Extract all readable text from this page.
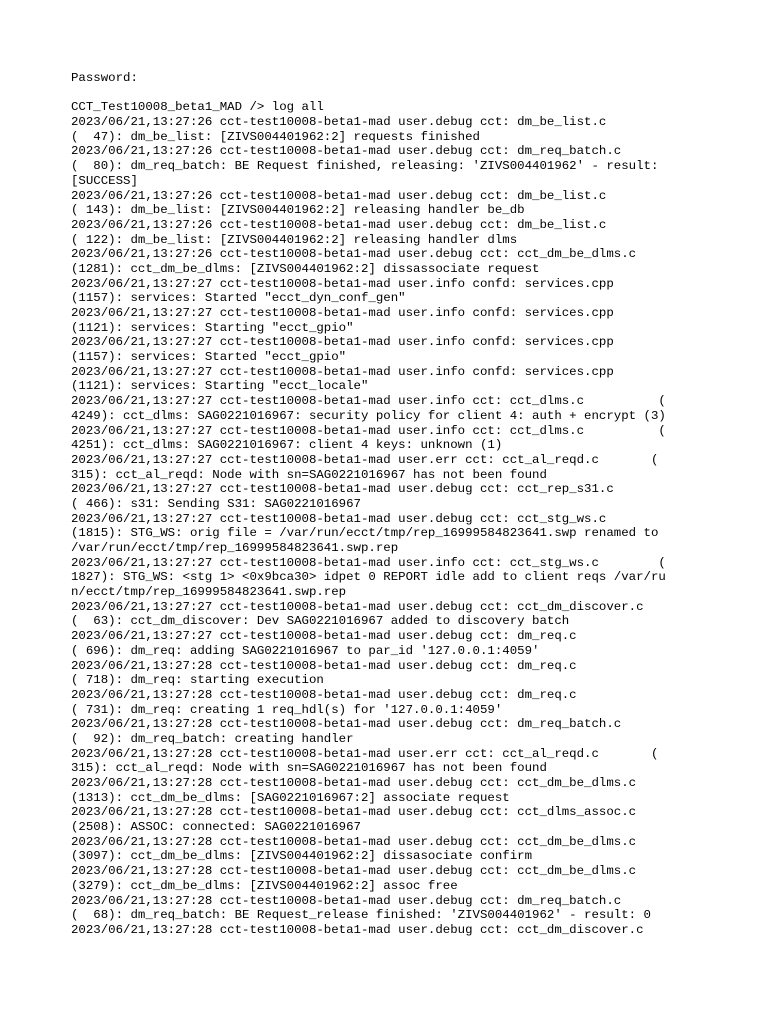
Password:
CCT_Test10008_beta1_MAD /> log all
2023/06/21,13:27:26 cct-test10008-beta1-mad user.debug cct: dm_be_list.c
(  47): dm_be_list: [ZIVS004401962:2] requests finished
2023/06/21,13:27:26 cct-test10008-beta1-mad user.debug cct: dm_req_batch.c
(  80): dm_req_batch: BE Request finished, releasing: 'ZIVS004401962' - result:
[SUCCESS]
2023/06/21,13:27:26 cct-test10008-beta1-mad user.debug cct: dm_be_list.c
( 143): dm_be_list: [ZIVS004401962:2] releasing handler be_db
2023/06/21,13:27:26 cct-test10008-beta1-mad user.debug cct: dm_be_list.c
( 122): dm_be_list: [ZIVS004401962:2] releasing handler dlms
2023/06/21,13:27:26 cct-test10008-beta1-mad user.debug cct: cct_dm_be_dlms.c
(1281): cct_dm_be_dlms: [ZIVS004401962:2] dissassociate request
2023/06/21,13:27:27 cct-test10008-beta1-mad user.info confd: services.cpp
(1157): services: Started "ecct_dyn_conf_gen"
2023/06/21,13:27:27 cct-test10008-beta1-mad user.info confd: services.cpp
(1121): services: Starting "ecct_gpio"
2023/06/21,13:27:27 cct-test10008-beta1-mad user.info confd: services.cpp
(1157): services: Started "ecct_gpio"
2023/06/21,13:27:27 cct-test10008-beta1-mad user.info confd: services.cpp
(1121): services: Starting "ecct_locale"
2023/06/21,13:27:27 cct-test10008-beta1-mad user.info cct: cct_dlms.c          (
4249): cct_dlms: SAG0221016967: security policy for client 4: auth + encrypt (3)
2023/06/21,13:27:27 cct-test10008-beta1-mad user.info cct: cct_dlms.c          (
4251): cct_dlms: SAG0221016967: client 4 keys: unknown (1)
2023/06/21,13:27:27 cct-test10008-beta1-mad user.err cct: cct_al_reqd.c       (
315): cct_al_reqd: Node with sn=SAG0221016967 has not been found
2023/06/21,13:27:27 cct-test10008-beta1-mad user.debug cct: cct_rep_s31.c
( 466): s31: Sending S31: SAG0221016967
2023/06/21,13:27:27 cct-test10008-beta1-mad user.debug cct: cct_stg_ws.c
(1815): STG_WS: orig file = /var/run/ecct/tmp/rep_16999584823641.swp renamed to
/var/run/ecct/tmp/rep_16999584823641.swp.rep
2023/06/21,13:27:27 cct-test10008-beta1-mad user.info cct: cct_stg_ws.c        (
1827): STG_WS: <stg 1> <0x9bca30> idpet 0 REPORT idle add to client reqs /var/ru
n/ecct/tmp/rep_16999584823641.swp.rep
2023/06/21,13:27:27 cct-test10008-beta1-mad user.debug cct: cct_dm_discover.c
(  63): cct_dm_discover: Dev SAG0221016967 added to discovery batch
2023/06/21,13:27:27 cct-test10008-beta1-mad user.debug cct: dm_req.c
( 696): dm_req: adding SAG0221016967 to par_id '127.0.0.1:4059'
2023/06/21,13:27:28 cct-test10008-beta1-mad user.debug cct: dm_req.c
( 718): dm_req: starting execution
2023/06/21,13:27:28 cct-test10008-beta1-mad user.debug cct: dm_req.c
( 731): dm_req: creating 1 req_hdl(s) for '127.0.0.1:4059'
2023/06/21,13:27:28 cct-test10008-beta1-mad user.debug cct: dm_req_batch.c
(  92): dm_req_batch: creating handler
2023/06/21,13:27:28 cct-test10008-beta1-mad user.err cct: cct_al_reqd.c       (
315): cct_al_reqd: Node with sn=SAG0221016967 has not been found
2023/06/21,13:27:28 cct-test10008-beta1-mad user.debug cct: cct_dm_be_dlms.c
(1313): cct_dm_be_dlms: [SAG0221016967:2] associate request
2023/06/21,13:27:28 cct-test10008-beta1-mad user.debug cct: cct_dlms_assoc.c
(2508): ASSOC: connected: SAG0221016967
2023/06/21,13:27:28 cct-test10008-beta1-mad user.debug cct: cct_dm_be_dlms.c
(3097): cct_dm_be_dlms: [ZIVS004401962:2] dissasociate confirm
2023/06/21,13:27:28 cct-test10008-beta1-mad user.debug cct: cct_dm_be_dlms.c
(3279): cct_dm_be_dlms: [ZIVS004401962:2] assoc free
2023/06/21,13:27:28 cct-test10008-beta1-mad user.debug cct: dm_req_batch.c
(  68): dm_req_batch: BE Request_release finished: 'ZIVS004401962' - result: 0
2023/06/21,13:27:28 cct-test10008-beta1-mad user.debug cct: cct_dm_discover.c
